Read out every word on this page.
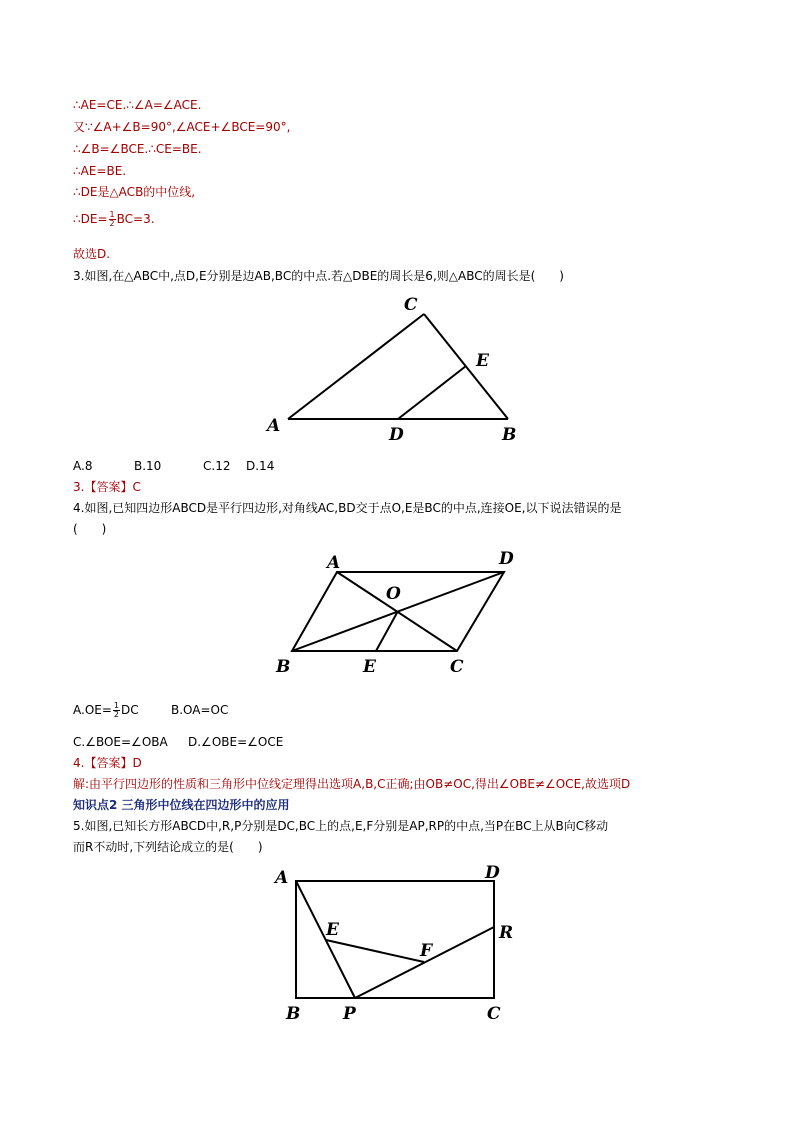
∴AE=CE.∴∠A=∠ACE.
又∵∠A+∠B=90°,∠ACE+∠BCE=90°,
∴∠B=∠BCE.∴CE=BE.
∴AE=BE.
∴DE是△ACB的中位线,
∴DE= $\frac{1}{2} BC=3$.
故选D.
3.如图,在△ABC中,点D,E分别是边AB,BC的中点.若△DBE的周长是6,则△ABC的周长是(　　)
A	B
C
D
E
A.8	B.10	C.12 D.14
3.【答案】C
4.如图,已知四边形ABCD是平行四边形,对角线AC,BD交于点O,E是BC的中点,连接OE,以下说法错误的是
(　　)
A
B	C
D
E
O
$A.OE= \frac{1}{2}$ DC	B.OA=OC
C.∠BOE=∠OBA D.∠OBE=∠OCE
4.【答案】D
解:由平行四边形的性质和三角形中位线定理得出选项A,B,C正确;由OB≠OC,得出∠OBE≠∠OCE,故选项D
知识点2 三角形中位线在四边形中的应用
5.如图,已知长方形ABCD中,R,P分别是DC,BC上的点,E,F分别是AP,RP的中点,当P在BC上从B向C移动
而R不动时,下列结论成立的是(　　)
A
B	C
D
E
F
P
R
